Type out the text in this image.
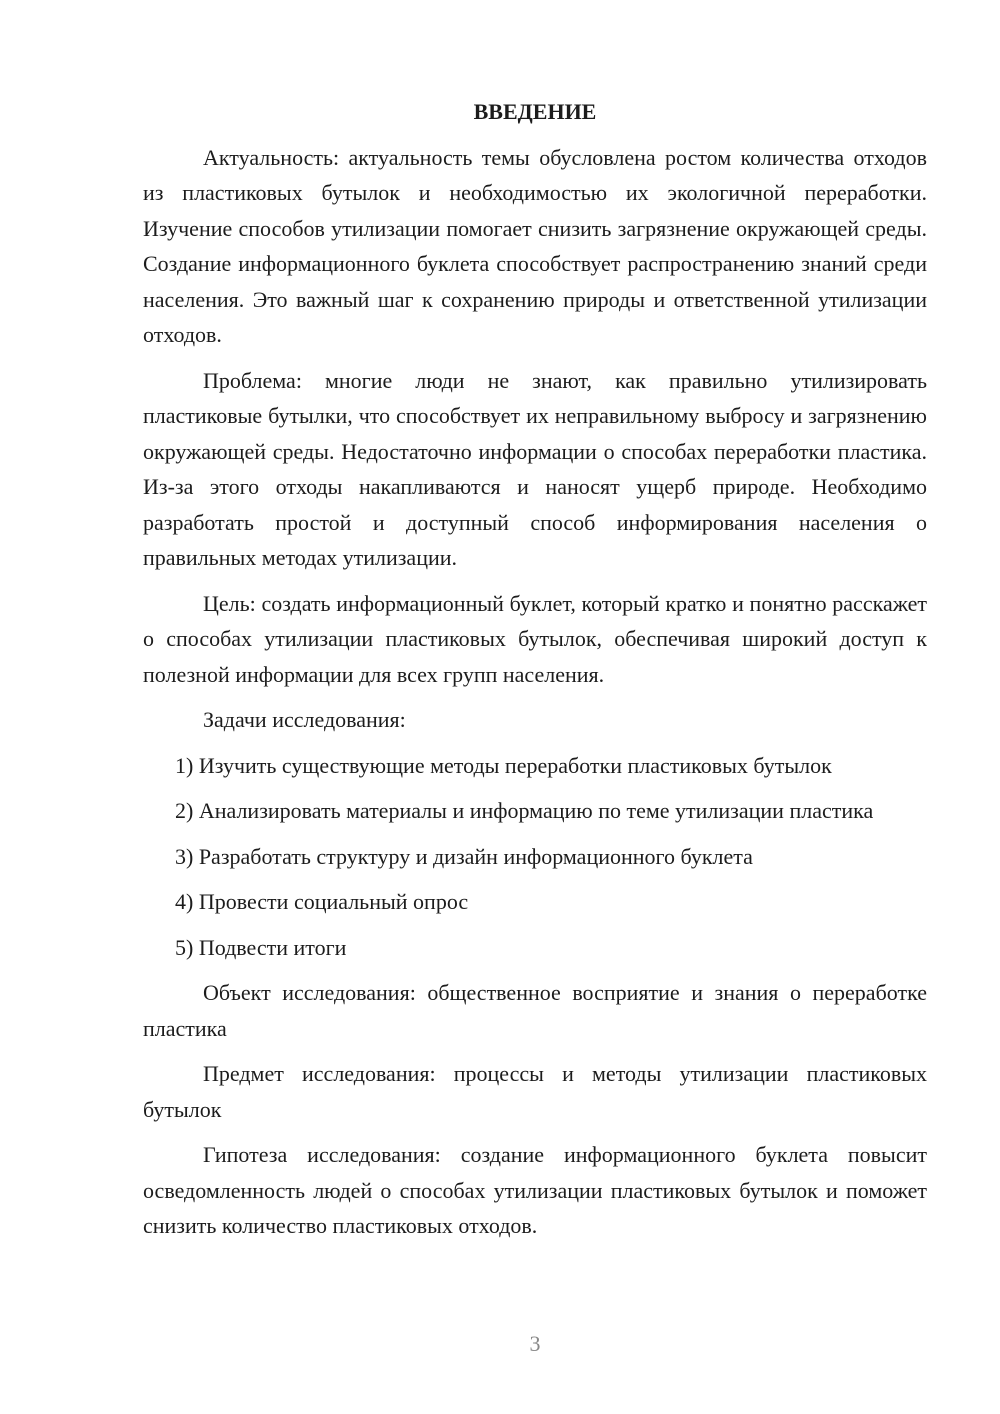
ВВЕДЕНИЕ

Актуальность: актуальность темы обусловлена ростом количества отходов из пластиковых бутылок и необходимостью их экологичной переработки. Изучение способов утилизации помогает снизить загрязнение окружающей среды. Создание информационного буклета способствует распространению знаний среди населения. Это важный шаг к сохранению природы и ответственной утилизации отходов.

Проблема: многие люди не знают, как правильно утилизировать пластиковые бутылки, что способствует их неправильному выбросу и загрязнению окружающей среды. Недостаточно информации о способах переработки пластика. Из-за этого отходы накапливаются и наносят ущерб природе. Необходимо разработать простой и доступный способ информирования населения о правильных методах утилизации.

Цель: создать информационный буклет, который кратко и понятно расскажет о способах утилизации пластиковых бутылок, обеспечивая широкий доступ к полезной информации для всех групп населения.

Задачи исследования:

1) Изучить существующие методы переработки пластиковых бутылок

2) Анализировать материалы и информацию по теме утилизации пластика

3) Разработать структуру и дизайн информационного буклета

4) Провести социальный опрос

5) Подвести итоги

Объект исследования: общественное восприятие и знания о переработке пластика

Предмет исследования: процессы и методы утилизации пластиковых бутылок

Гипотеза исследования: создание информационного буклета повысит осведомленность людей о способах утилизации пластиковых бутылок и поможет снизить количество пластиковых отходов.

3
